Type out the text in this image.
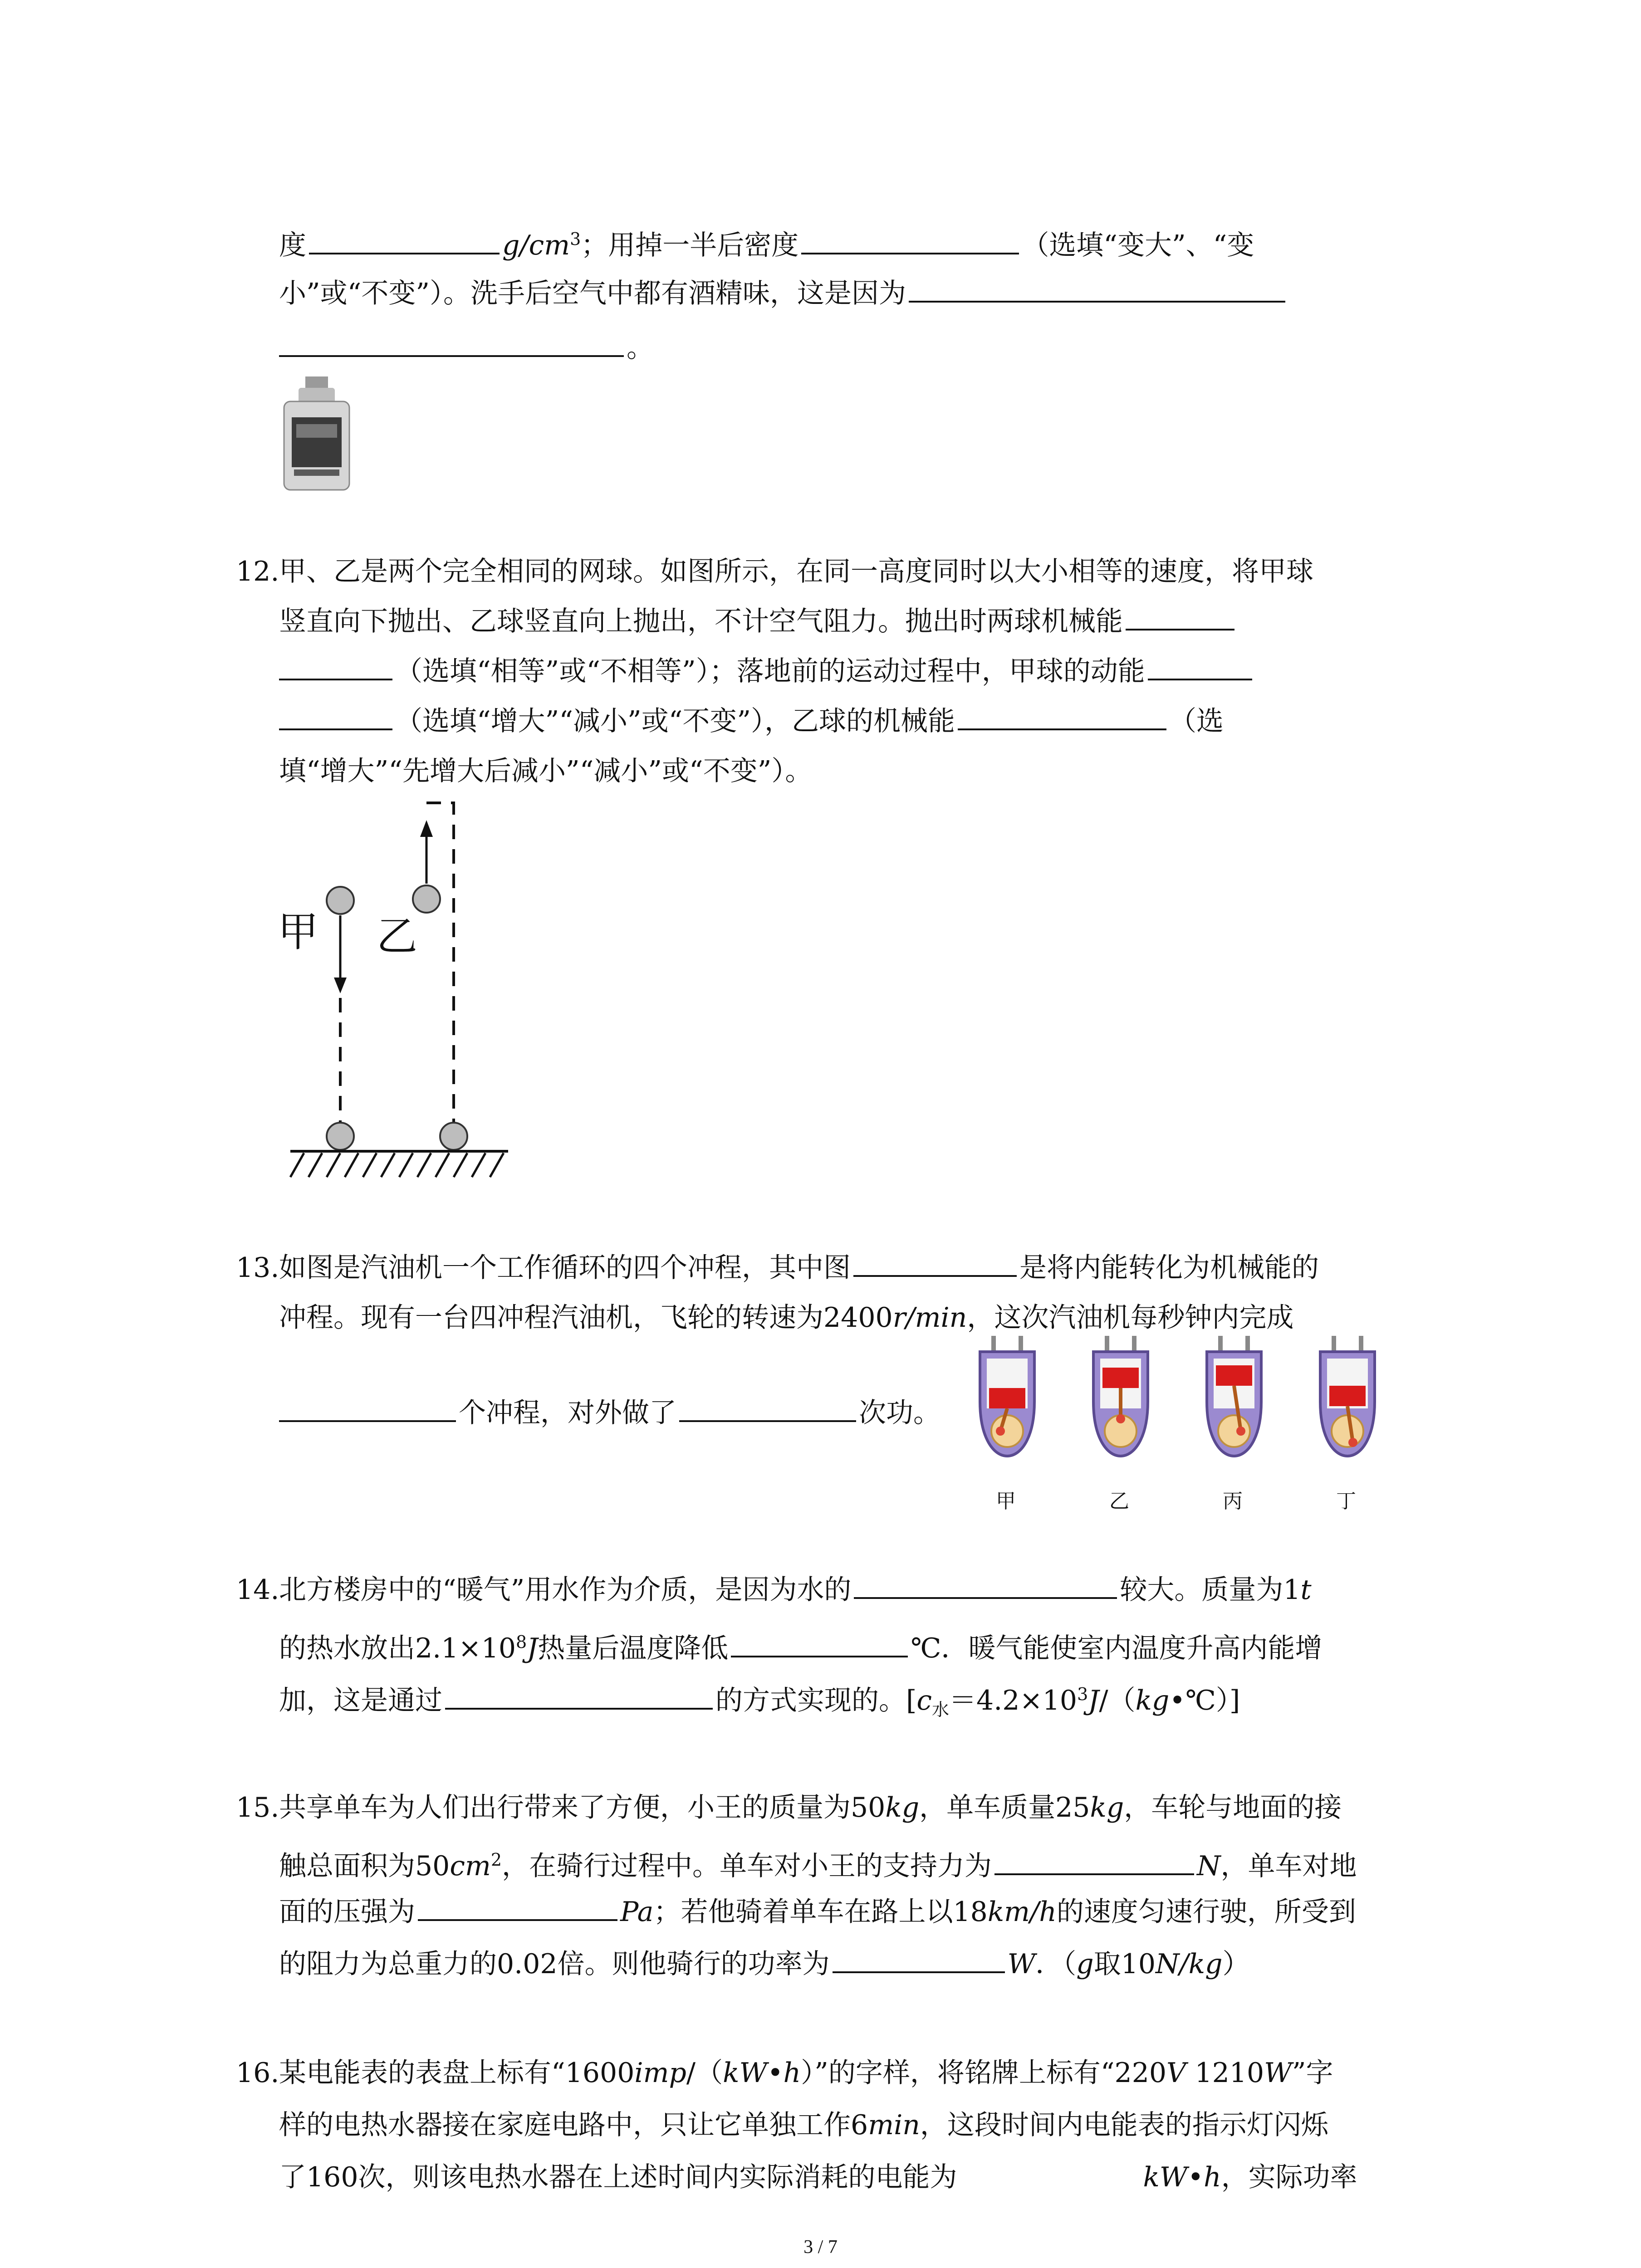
度	$g/cm^3$；用掉一半后密度	（选填“变大”、“变
小”或“不变”）。洗手后空气中都有酒精味，这是因为
。
12. 甲、乙是两个完全相同的网球。如图所示，在同一高度同时以大小相等的速度，将甲球
竖直向下抛出、乙球竖直向上抛出，不计空气阻力。抛出时两球机械能
（选填“相等”或“不相等”）；落地前的运动过程中，甲球的动能
（选填“增大”“减小”或“不变”），乙球的机械能	（选
填“增大”“先增大后减小”“减小”或“不变”）。
甲 乙
13. 如图是汽油机一个工作循环的四个冲程，其中图	是将内能转化为机械能的
冲程。现有一台四冲程汽油机，飞轮的转速为2400r/min，这次汽油机每秒钟内完成
个冲程，对外做了	次功。
甲	乙	丙	丁
14. 北方楼房中的“暖气”用水作为介质，是因为水的	较大。质量为1t
的热水放出$2.1\times 10^8J$热量后温度降低	℃．暖气能使室内温度升高内能增
加，这是通过	的方式实现的。$[c_水=4.2\times 10^3J/(kg•℃)]$
15. 共享单车为人们出行带来了方便，小王的质量为50kg，单车质量25kg，车轮与地面的接
触总面积为$50cm^2$，在骑行过程中。单车对小王的支持力为	N，单车对地
面的压强为	Pa；若他骑着单车在路上以18km/h的速度匀速行驶，所受到
的阻力为总重力的0.02倍。则他骑行的功率为	W．（g取10N/kg）
16. 某电能表的表盘上标有“1600imp/（kW•h）”的字样，将铭牌上标有“220V 1210W”字
样的电热水器接在家庭电路中，只让它单独工作6min，这段时间内电能表的指示灯闪烁
了160次，则该电热水器在上述时间内实际消耗的电能为	kW•h，实际功率
3 / 7
